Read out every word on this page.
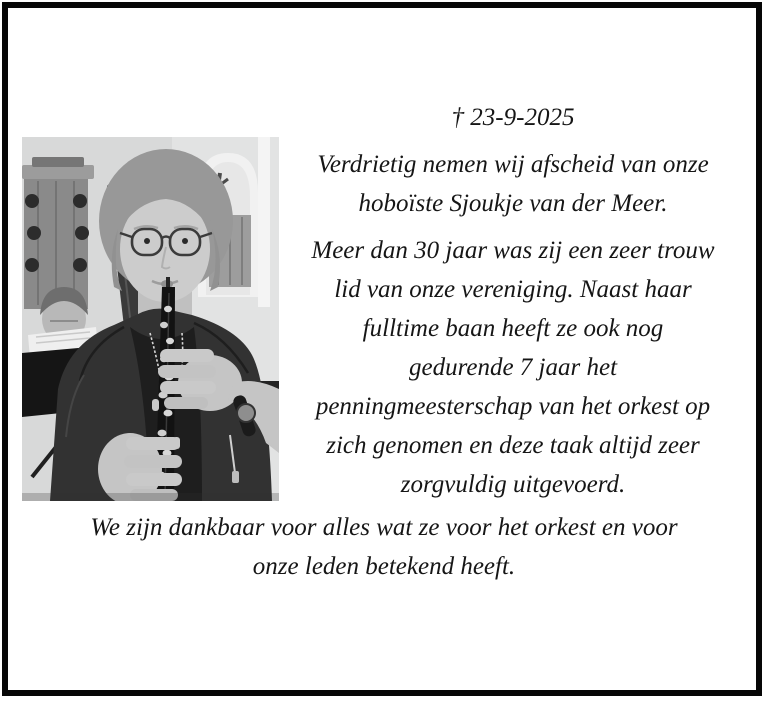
† 23-9-2025
Verdrietig nemen wij afscheid van onze
hoboïste Sjoukje van der Meer.
Meer dan 30 jaar was zij een zeer trouw
lid van onze vereniging. Naast haar
fulltime baan heeft ze ook nog
gedurende 7 jaar het
penningmeesterschap van het orkest op
zich genomen en deze taak altijd zeer
zorgvuldig uitgevoerd.
We zijn dankbaar voor alles wat ze voor het orkest en voor
onze leden betekend heeft.
